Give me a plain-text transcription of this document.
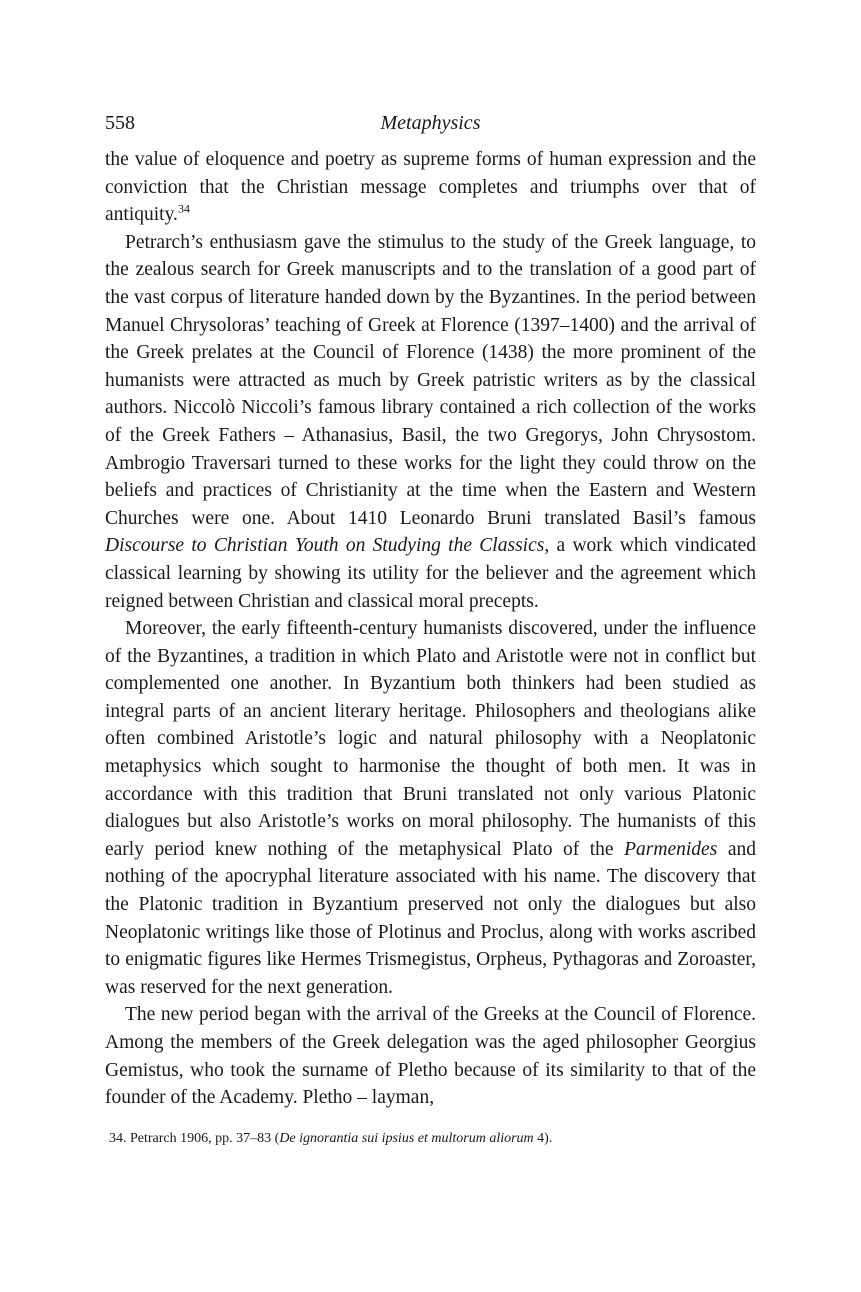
558	Metaphysics

the value of eloquence and poetry as supreme forms of human expression and the conviction that the Christian message completes and triumphs over that of antiquity.$^{34}$

Petrarch’s enthusiasm gave the stimulus to the study of the Greek language, to the zealous search for Greek manuscripts and to the translation of a good part of the vast corpus of literature handed down by the Byzantines. In the period between Manuel Chrysoloras’ teaching of Greek at Florence (1397–1400) and the arrival of the Greek prelates at the Council of Florence (1438) the more prominent of the humanists were attracted as much by Greek patristic writers as by the classical authors. Niccolò Niccoli’s famous library contained a rich collection of the works of the Greek Fathers – Athanasius, Basil, the two Gregorys, John Chrysostom. Ambrogio Traversari turned to these works for the light they could throw on the beliefs and practices of Christianity at the time when the Eastern and Western Churches were one. About 1410 Leonardo Bruni translated Basil’s famous Discourse to Christian Youth on Studying the Classics, a work which vindicated classical learning by showing its utility for the believer and the agreement which reigned between Christian and classical moral precepts.

Moreover, the early fifteenth-century humanists discovered, under the influence of the Byzantines, a tradition in which Plato and Aristotle were not in conflict but complemented one another. In Byzantium both thinkers had been studied as integral parts of an ancient literary heritage. Philosophers and theologians alike often combined Aristotle’s logic and natural philosophy with a Neoplatonic metaphysics which sought to harmonise the thought of both men. It was in accordance with this tradition that Bruni translated not only various Platonic dialogues but also Aristotle’s works on moral philosophy. The humanists of this early period knew nothing of the metaphysical Plato of the Parmenides and nothing of the apocryphal literature associated with his name. The discovery that the Platonic tradition in Byzantium preserved not only the dialogues but also Neoplatonic writings like those of Plotinus and Proclus, along with works ascribed to enigmatic figures like Hermes Trismegistus, Orpheus, Pythagoras and Zoroaster, was reserved for the next generation.

The new period began with the arrival of the Greeks at the Council of Florence. Among the members of the Greek delegation was the aged philosopher Georgius Gemistus, who took the surname of Pletho because of its similarity to that of the founder of the Academy. Pletho – layman,

34. Petrarch 1906, pp. 37–83 (De ignorantia sui ipsius et multorum aliorum 4).
